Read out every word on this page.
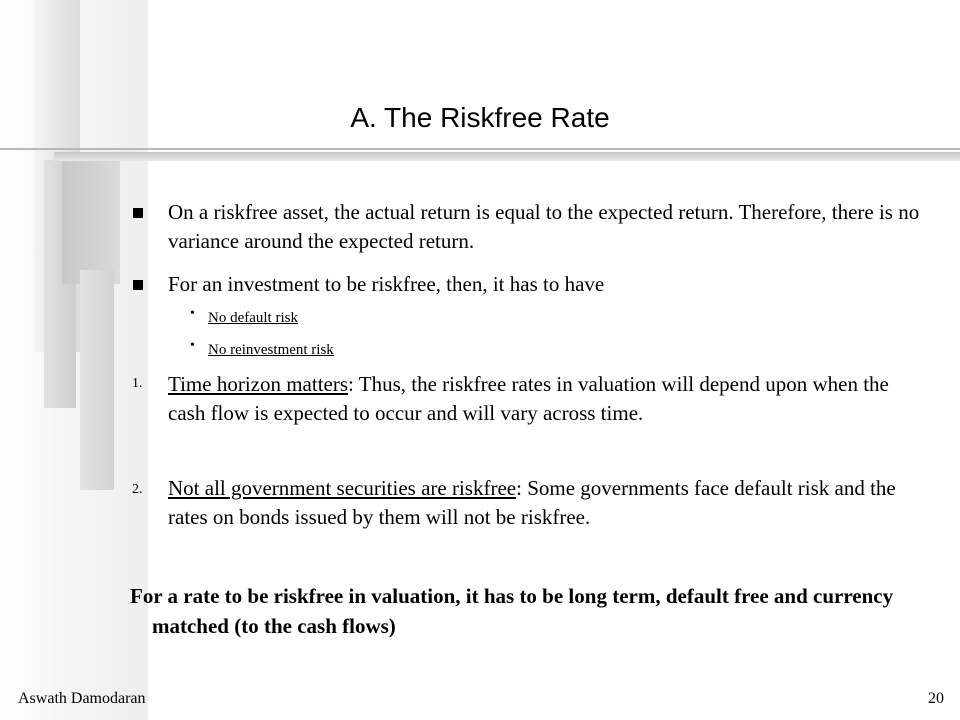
A. The Riskfree Rate
On a riskfree asset, the actual return is equal to the expected return. Therefore, there is no variance around the expected return.
For an investment to be riskfree, then, it has to have
• No default risk
• No reinvestment risk
1. Time horizon matters: Thus, the riskfree rates in valuation will depend upon when the cash flow is expected to occur and will vary across time.
2. Not all government securities are riskfree: Some governments face default risk and the rates on bonds issued by them will not be riskfree.
For a rate to be riskfree in valuation, it has to be long term, default free and currency matched (to the cash flows)
Aswath Damodaran	20
